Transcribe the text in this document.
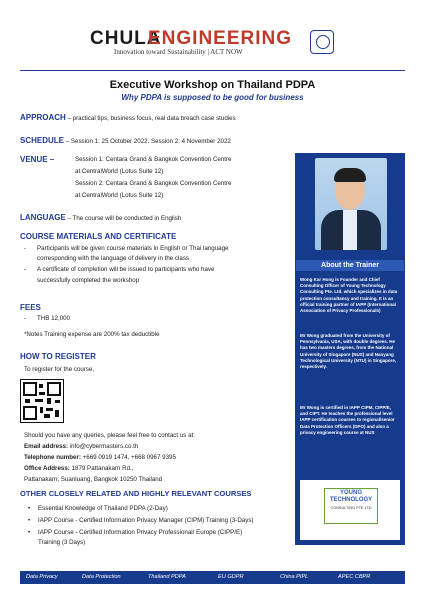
CHULA
ENGINEERING
Innovation toward Sustainability | ACT NOW
Executive Workshop on Thailand PDPA
Why PDPA is supposed to be good for business
APPROACH – practical tips, business focus, real data breach case studies
SCHEDULE – Session 1: 25 October 2022. Session 2: 4 November 2022
VENUE –	Session 1: Centara Grand & Bangkok Convention Centre
at CentralWorld (Lotus Suite 12)
Session 2: Centara Grand & Bangkok Convention Centre
at CentralWorld (Lotus Suite 12)
LANGUAGE – The course will be conducted in English
COURSE MATERIALS AND CERTIFICATE
- Participants will be given course materials in English or Thai language
corresponding with the language of delivery in the class
- A certificate of completion will be issued to participants who have
successfully completed the workshop
FEES
- THB 12,000
*Notes Training expense are 200% tax deductible
HOW TO REGISTER
To register for the course,
Should you have any queries, please feel free to contact us at:
Email address: info@cybermasters.co.th
Telephone number: +669 0919 1474, +668 0967 9395
Office Address: 1879 Pattanakarn Rd.,
Pattanakarn, Suanluang, Bangkok 10250 Thailand
OTHER CLOSELY RELATED AND HIGHLY RELEVANT COURSES
• Essential Knowledge of Thailand PDPA (2-Day)
• IAPP Course - Certified Information Privacy Manager (CIPM) Training (3-Days)
• IAPP Course - Certified Information Privacy Professional/ Europe (CIPP/E)
Training (3 Days)
About the Trainer
Wong Kar Hong is Founder and Chief Consulting Officer of Young Technology Consulting Pte. Ltd. which specializes in data protection consultancy and training. It is an official training partner of IAPP (International Association of Privacy Professionals)
Mr Wong graduated from the University of Pennsylvania, USA, with double degrees. He has two masters degrees, from the National University of Singapore (NUS) and Nanyang Technological University (NTU) in Singapore, respectively.
Mr Wong is certified in IAPP CIPM, CIPP/E, and CIPT. He teaches the professional level IAPP certification courses to regional/senior Data Protection Officers (DPO) and also a privacy engineering course at NUS
YOUNG
TECHNOLOGY
CONSULTING PTE LTD
Data Privacy	Data Protection	Thailand PDPA	EU GDPR	China PIPL	APEC CBPR
